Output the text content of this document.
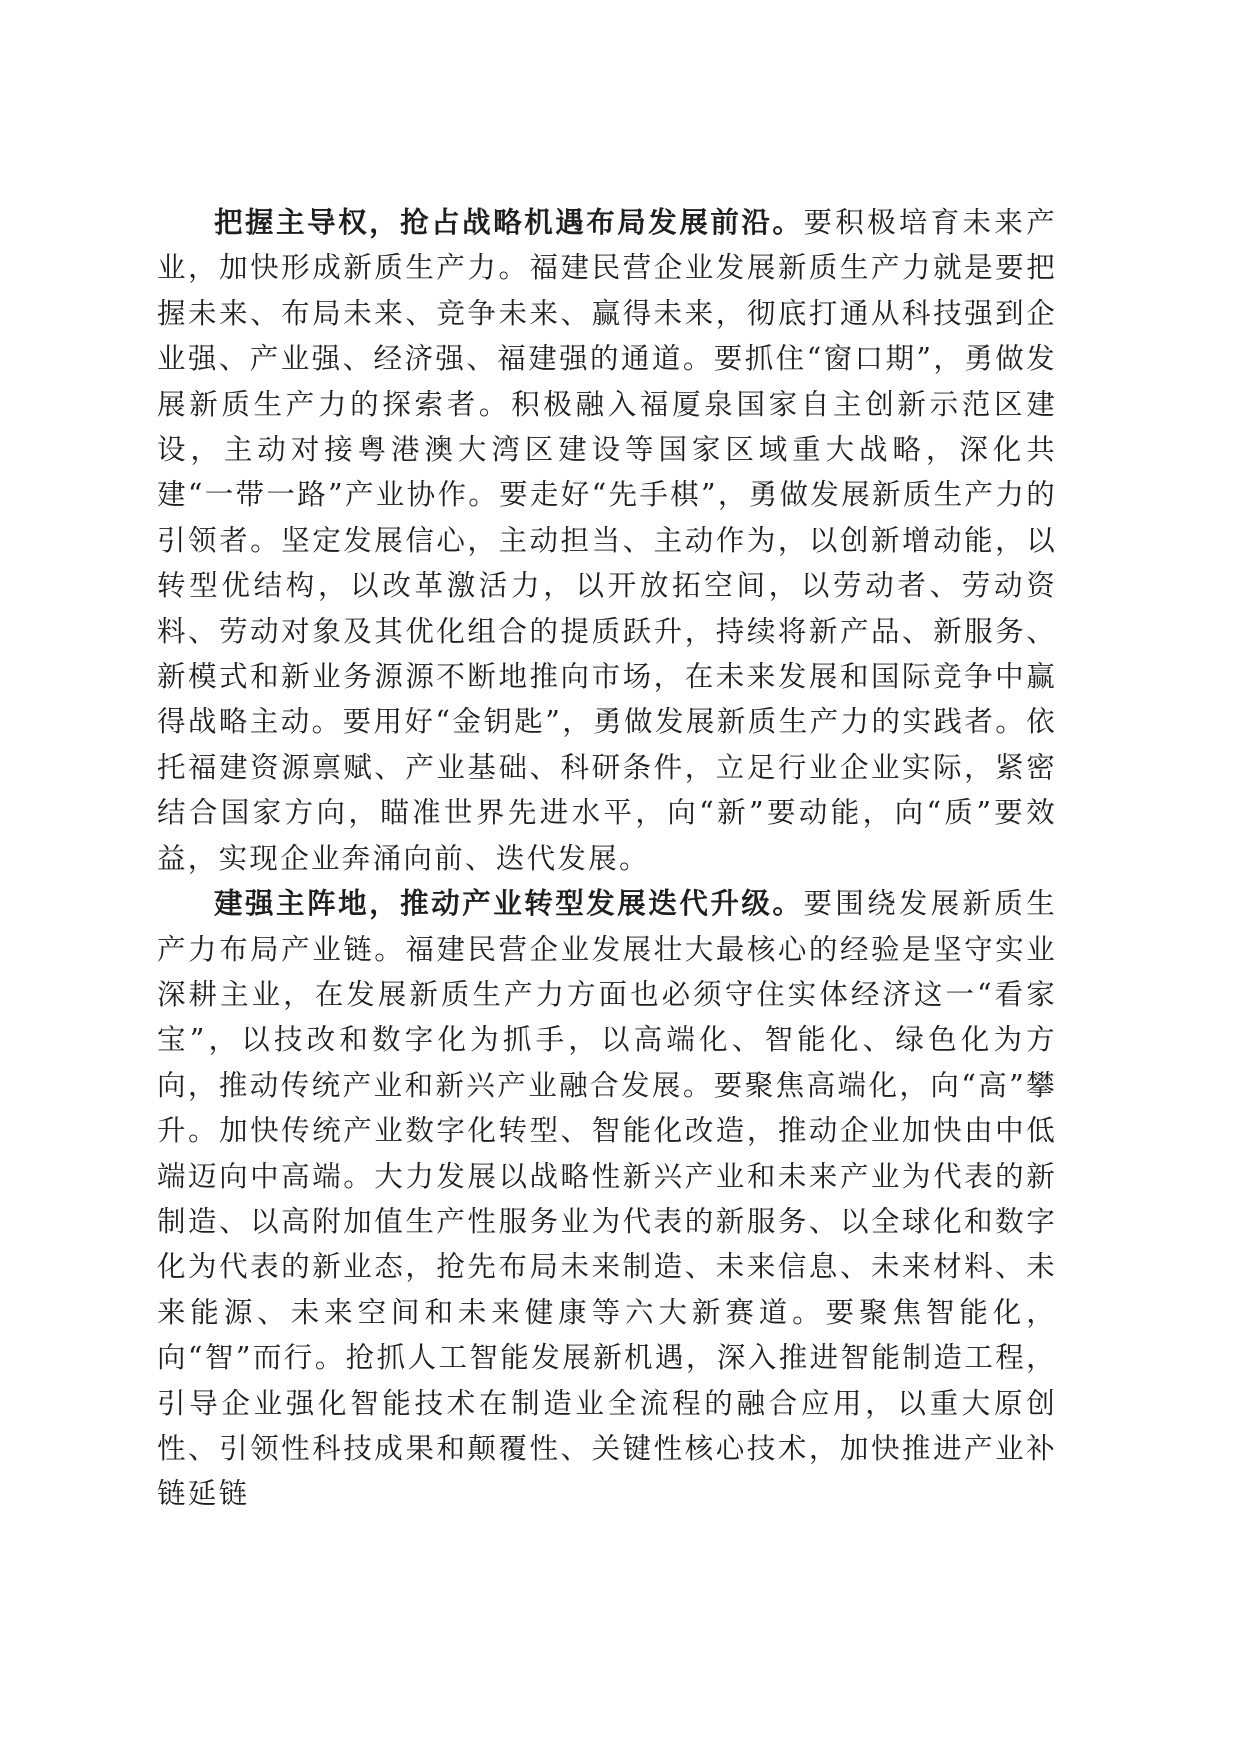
把握主导权，抢占战略机遇布局发展前沿。要积极培育未来产业，加快形成新质生产力。福建民营企业发展新质生产力就是要把握未来、布局未来、竞争未来、赢得未来，彻底打通从科技强到企业强、产业强、经济强、福建强的通道。要抓住“窗口期”，勇做发展新质生产力的探索者。积极融入福厦泉国家自主创新示范区建设，主动对接粤港澳大湾区建设等国家区域重大战略，深化共建“一带一路”产业协作。要走好“先手棋”，勇做发展新质生产力的引领者。坚定发展信心，主动担当、主动作为，以创新增动能，以转型优结构，以改革激活力，以开放拓空间，以劳动者、劳动资料、劳动对象及其优化组合的提质跃升，持续将新产品、新服务、新模式和新业务源源不断地推向市场，在未来发展和国际竞争中赢得战略主动。要用好“金钥匙”，勇做发展新质生产力的实践者。依托福建资源禀赋、产业基础、科研条件，立足行业企业实际，紧密结合国家方向，瞄准世界先进水平，向“新”要动能，向“质”要效益，实现企业奔涌向前、迭代发展。

建强主阵地，推动产业转型发展迭代升级。要围绕发展新质生产力布局产业链。福建民营企业发展壮大最核心的经验是坚守实业深耕主业，在发展新质生产力方面也必须守住实体经济这一“看家宝”，以技改和数字化为抓手，以高端化、智能化、绿色化为方向，推动传统产业和新兴产业融合发展。要聚焦高端化，向“高”攀升。加快传统产业数字化转型、智能化改造，推动企业加快由中低端迈向中高端。大力发展以战略性新兴产业和未来产业为代表的新制造、以高附加值生产性服务业为代表的新服务、以全球化和数字化为代表的新业态，抢先布局未来制造、未来信息、未来材料、未来能源、未来空间和未来健康等六大新赛道。要聚焦智能化，向“智”而行。抢抓人工智能发展新机遇，深入推进智能制造工程，引导企业强化智能技术在制造业全流程的融合应用，以重大原创性、引领性科技成果和颠覆性、关键性核心技术，加快推进产业补链延链
